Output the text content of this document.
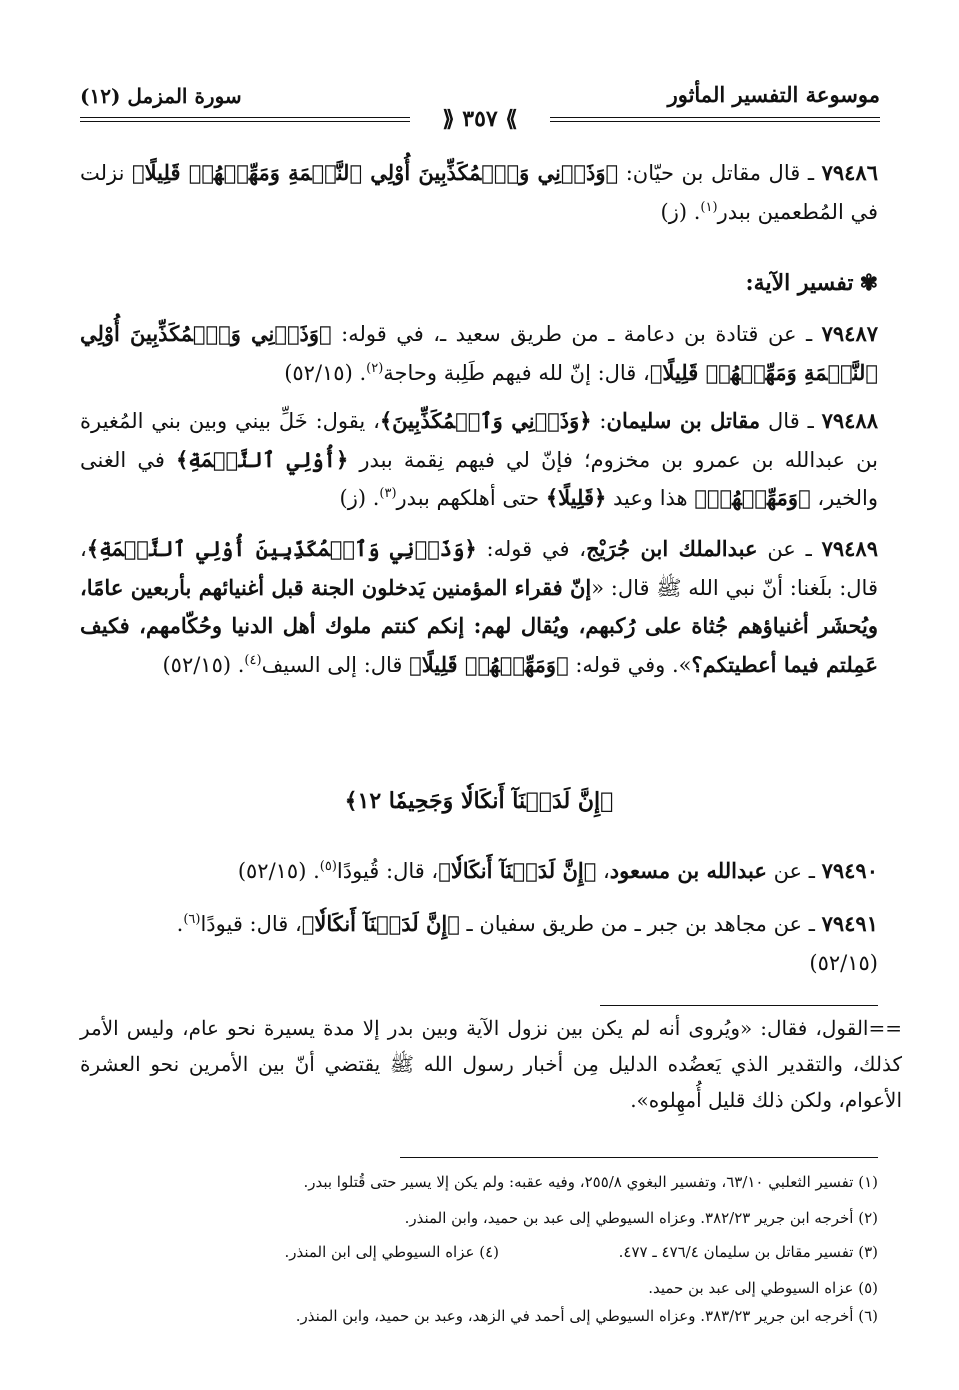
موسوعة التفسير المأثور
سورة المزمل (١٢)
⟫ ٣٥٧ ⟪

٧٩٤٨٦ ـ قال مقاتل بن حيّان: ﴿وَذَرۡنِي وَٱلۡمُكَذِّبِينَ أُوْلِي ٱلنَّعۡمَةِ وَمَهِّلۡهُمۡ قَلِيلًا﴾ نزلت في المُطعمين ببدر$^{(١)}$. (ز)

✾تفسير الآية:

٧٩٤٨٧ ـ عن قتادة بن دعامة ـ من طريق سعيد ـ، في قوله: ﴿وَذَرۡنِي وَٱلۡمُكَذِّبِينَ أُوْلِي ٱلنَّعۡمَةِ وَمَهِّلۡهُمۡ قَلِيلًا﴾، قال: إنّ لله فيهم طَلِبة وحاجة$^{(٢)}$. (٥٢/١٥)

٧٩٤٨٨ ـ قال مقاتل بن سليمان: ﴿وَذَرۡنِي وَٱلۡمُكَذِّبِينَ﴾، يقول: خَلِّ بيني وبين بني المُغيرة بن عبدالله بن عمرو بن مخزوم؛ فإنّ لي فيهم نِقمة ببدر ﴿أُوْلِي ٱلنَّعۡمَةِ﴾ في الغنى والخير، ﴿وَمَهِّلۡهُمۡ﴾ هذا وعيد ﴿قَلِيلًا﴾ حتى أهلكهم ببدر$^{(٣)}$. (ز)

٧٩٤٨٩ ـ عن عبدالملك ابن جُرَيْج، في قوله: ﴿وَذَرۡنِي وَٱلۡمُكَذِّبِينَ أُوْلِي ٱلنَّعۡمَةِ﴾، قال: بلَغنا: أنّ نبي الله ﷺ قال: «إنّ فقراء المؤمنين يَدخلون الجنة قبل أغنيائهم بأربعين عامًا، ويُحشَر أغنياؤهم جُثاة على رُكبهم، ويُقال لهم: إنكم كنتم ملوك أهل الدنيا وحُكّامهم، فكيف عَمِلتم فيما أعطيتكم؟». وفي قوله: ﴿وَمَهِّلۡهُمۡ قَلِيلًا﴾ قال: إلى السيف$^{(٤)}$. (٥٢/١٥)

﴿إِنَّ لَدَيۡنَآ أَنكَالٗا وَجَحِيمٗا ١٢﴾

٧٩٤٩٠ ـ عن عبدالله بن مسعود، ﴿إِنَّ لَدَيۡنَآ أَنكَالٗا﴾، قال: قُيودًا$^{(٥)}$. (٥٢/١٥)

٧٩٤٩١ ـ عن مجاهد بن جبر ـ من طريق سفيان ـ ﴿إِنَّ لَدَيۡنَآ أَنكَالٗا﴾، قال: قيودًا$^{(٦)}$.
(٥٢/١٥)

==القول، فقال: «ويُروى أنه لم يكن بين نزول الآية وبين بدر إلا مدة يسيرة نحو عام، وليس الأمر كذلك، والتقدير الذي يَعضُده الدليل مِن أخبار رسول الله ﷺ يقتضي أنّ بين الأمرين نحو العشرة الأعوام، ولكن ذلك قليل أُمهِلوه».

(١) تفسير الثعلبي ٦٣/١٠، وتفسير البغوي ٢٥٥/٨، وفيه عقبه: ولم يكن إلا يسير حتى قُتلوا ببدر.
(٢) أخرجه ابن جرير ٣٨٢/٢٣. وعزاه السيوطي إلى عبد بن حميد، وابن المنذر.
(٣) تفسير مقاتل بن سليمان ٤٧٦/٤ ـ ٤٧٧.
(٤) عزاه السيوطي إلى ابن المنذر.
(٥) عزاه السيوطي إلى عبد بن حميد.
(٦) أخرجه ابن جرير ٣٨٣/٢٣. وعزاه السيوطي إلى أحمد في الزهد، وعبد بن حميد، وابن المنذر.
